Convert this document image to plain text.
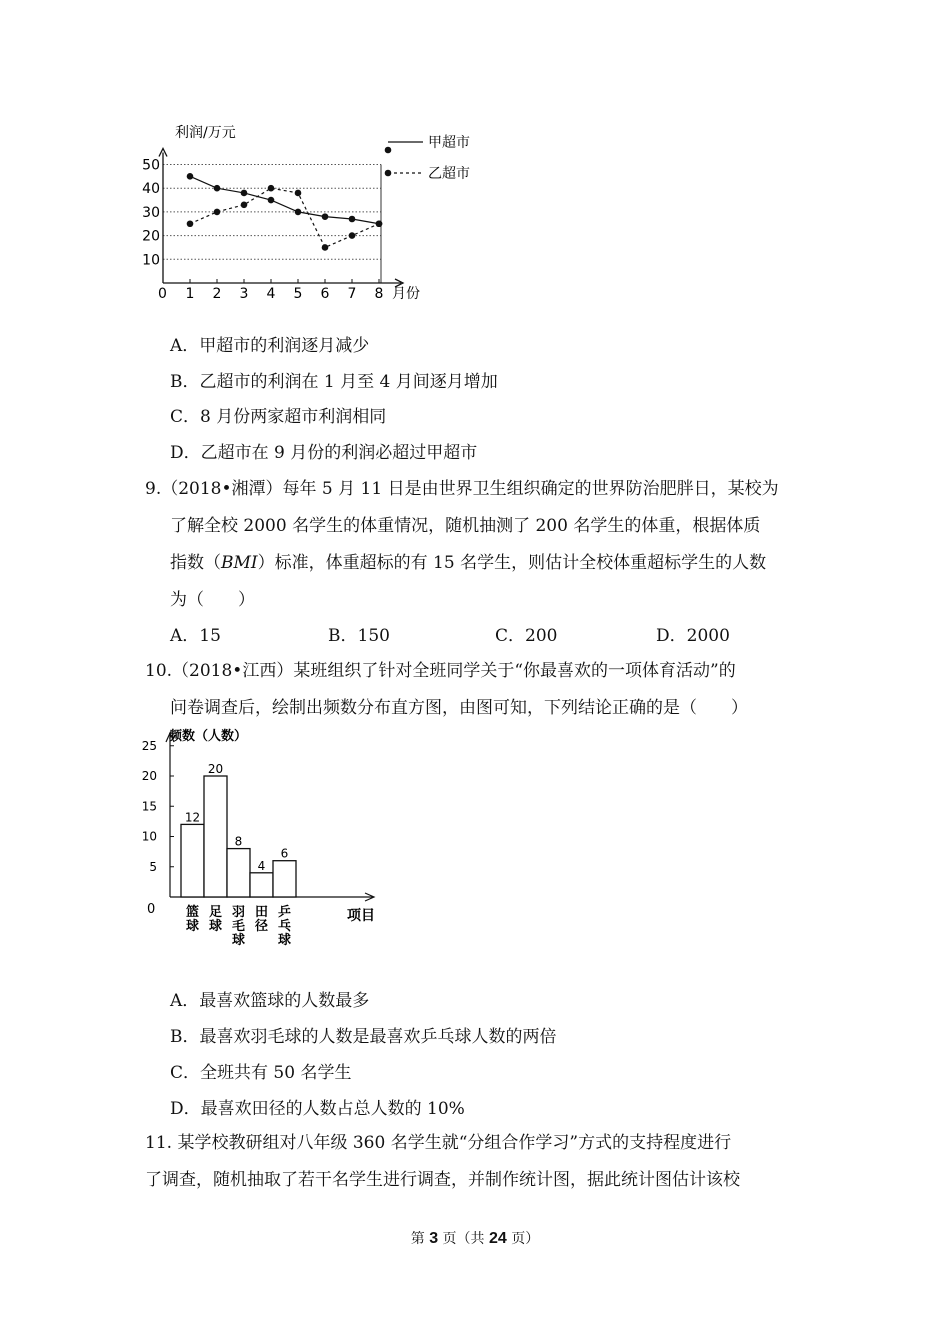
利润/万元
月份
0
10
20
30
40
50
1 2 3 4 5 6 7 8
甲超市
乙超市
A．甲超市的利润逐月减少
B．乙超市的利润在 1 月至 4 月间逐月增加
C．8 月份两家超市利润相同
D．乙超市在 9 月份的利润必超过甲超市
9.（2018•湘潭）每年 5 月 11 日是由世界卫生组织确定的世界防治肥胖日，某校为
了解全校 2000 名学生的体重情况，随机抽测了 200 名学生的体重，根据体质
指数（BMI）标准，体重超标的有 15 名学生，则估计全校体重超标学生的人数
为（　　）
A．15	B．150	C．200	D．2000
10.（2018•江西）某班组织了针对全班同学关于“你最喜欢的一项体育活动”的
问卷调查后，绘制出频数分布直方图，由图可知，下列结论正确的是（　　）
频数（人数）
项目
0
5
10
15
20
25
12
篮
球
20
足
球
8
羽
毛
球
4
田
径
6
乒
乓
球
A．最喜欢篮球的人数最多
B．最喜欢羽毛球的人数是最喜欢乒乓球人数的两倍
C．全班共有 50 名学生
D．最喜欢田径的人数占总人数的 10%
11. 某学校教研组对八年级 360 名学生就“分组合作学习”方式的支持程度进行
了调查，随机抽取了若干名学生进行调查，并制作统计图，据此统计图估计该校
第 3 页（共 24 页）
